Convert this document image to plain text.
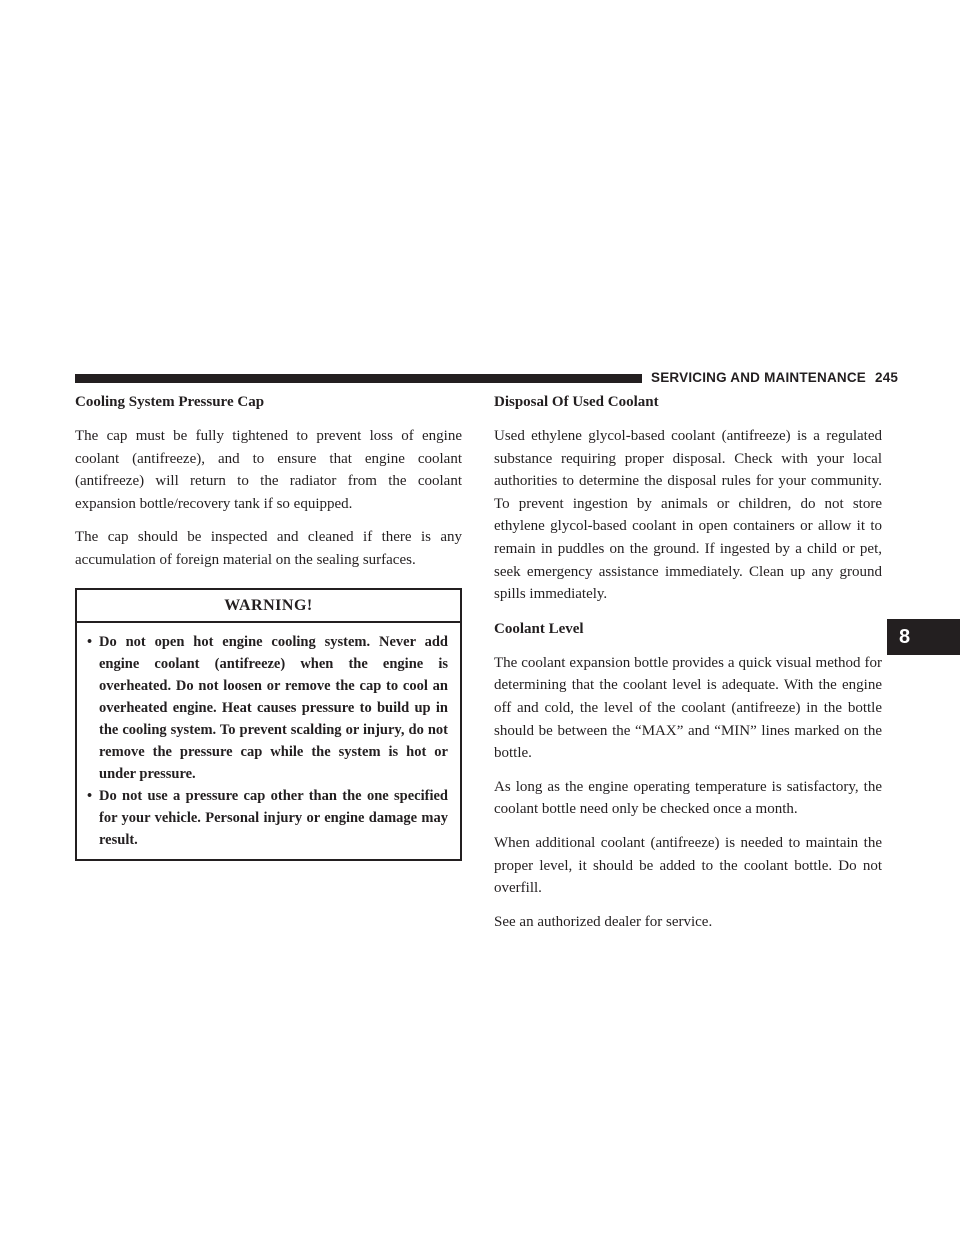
SERVICING AND MAINTENANCE 245
Cooling System Pressure Cap

The cap must be fully tightened to prevent loss of engine coolant (antifreeze), and to ensure that engine coolant (antifreeze) will return to the radiator from the coolant expansion bottle/recovery tank if so equipped.

The cap should be inspected and cleaned if there is any accumulation of foreign material on the sealing surfaces.

WARNING!
• Do not open hot engine cooling system. Never add engine coolant (antifreeze) when the engine is overheated. Do not loosen or remove the cap to cool an overheated engine. Heat causes pressure to build up in the cooling system. To prevent scalding or injury, do not remove the pressure cap while the system is hot or under pressure.
• Do not use a pressure cap other than the one specified for your vehicle. Personal injury or engine damage may result.
Disposal Of Used Coolant

Used ethylene glycol-based coolant (antifreeze) is a regulated substance requiring proper disposal. Check with your local authorities to determine the disposal rules for your community. To prevent ingestion by animals or children, do not store ethylene glycol-based coolant in open containers or allow it to remain in puddles on the ground. If ingested by a child or pet, seek emergency assistance immediately. Clean up any ground spills immediately.

Coolant Level

The coolant expansion bottle provides a quick visual method for determining that the coolant level is adequate. With the engine off and cold, the level of the coolant (antifreeze) in the bottle should be between the “MAX” and “MIN” lines marked on the bottle.

As long as the engine operating temperature is satisfactory, the coolant bottle need only be checked once a month.

When additional coolant (antifreeze) is needed to maintain the proper level, it should be added to the coolant bottle. Do not overfill.

See an authorized dealer for service.

8
